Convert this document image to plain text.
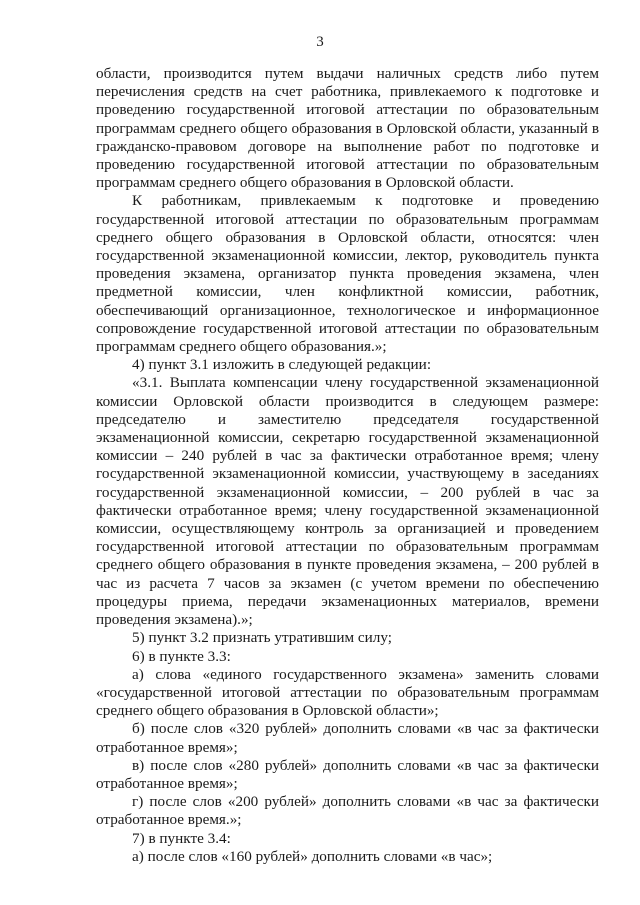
3

области, производится путем выдачи наличных средств либо путем перечисления средств на счет работника, привлекаемого к подготовке и проведению государственной итоговой аттестации по образовательным программам среднего общего образования в Орловской области, указанный в гражданско-правовом договоре на выполнение работ по подготовке и проведению государственной итоговой аттестации по образовательным программам среднего общего образования в Орловской области.

К работникам, привлекаемым к подготовке и проведению государственной итоговой аттестации по образовательным программам среднего общего образования в Орловской области, относятся: член государственной экзаменационной комиссии, лектор, руководитель пункта проведения экзамена, организатор пункта проведения экзамена, член предметной комиссии, член конфликтной комиссии, работник, обеспечивающий организационное, технологическое и информационное сопровождение государственной итоговой аттестации по образовательным программам среднего общего образования.»;

4) пункт 3.1 изложить в следующей редакции:

«3.1. Выплата компенсации члену государственной экзаменационной комиссии Орловской области производится в следующем размере: председателю и заместителю председателя государственной экзаменационной комиссии, секретарю государственной экзаменационной комиссии – 240 рублей в час за фактически отработанное время; члену государственной экзаменационной комиссии, участвующему в заседаниях государственной экзаменационной комиссии, – 200 рублей в час за фактически отработанное время; члену государственной экзаменационной комиссии, осуществляющему контроль за организацией и проведением государственной итоговой аттестации по образовательным программам среднего общего образования в пункте проведения экзамена, – 200 рублей в час из расчета 7 часов за экзамен (с учетом времени по обеспечению процедуры приема, передачи экзаменационных материалов, времени проведения экзамена).»;

5) пункт 3.2 признать утратившим силу;

6) в пункте 3.3:

а) слова «единого государственного экзамена» заменить словами «государственной итоговой аттестации по образовательным программам среднего общего образования в Орловской области»;

б) после слов «320 рублей» дополнить словами «в час за фактически отработанное время»;

в) после слов «280 рублей» дополнить словами «в час за фактически отработанное время»;

г) после слов «200 рублей» дополнить словами «в час за фактически отработанное время.»;

7) в пункте 3.4:

а) после слов «160 рублей» дополнить словами «в час»;
